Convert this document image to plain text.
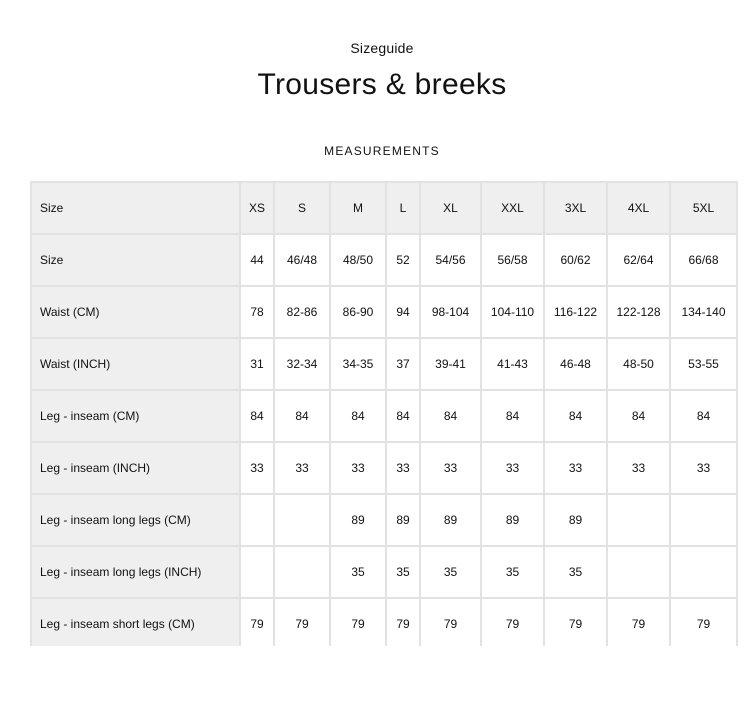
Sizeguide
Trousers & breeks
MEASUREMENTS
Size	XS	S	M	L	XL	XXL	3XL	4XL	5XL
Size	44	46/48	48/50	52	54/56	56/58	60/62	62/64	66/68
Waist (CM)	78	82-86	86-90	94	98-104	104-110	116-122	122-128	134-140
Waist (INCH)	31	32-34	34-35	37	39-41	41-43	46-48	48-50	53-55
Leg - inseam (CM)	84	84	84	84	84	84	84	84	84
Leg - inseam (INCH)	33	33	33	33	33	33	33	33	33
Leg - inseam long legs (CM)			89	89	89	89	89		
Leg - inseam long legs (INCH)			35	35	35	35	35		
Leg - inseam short legs (CM)	79	79	79	79	79	79	79	79	79
